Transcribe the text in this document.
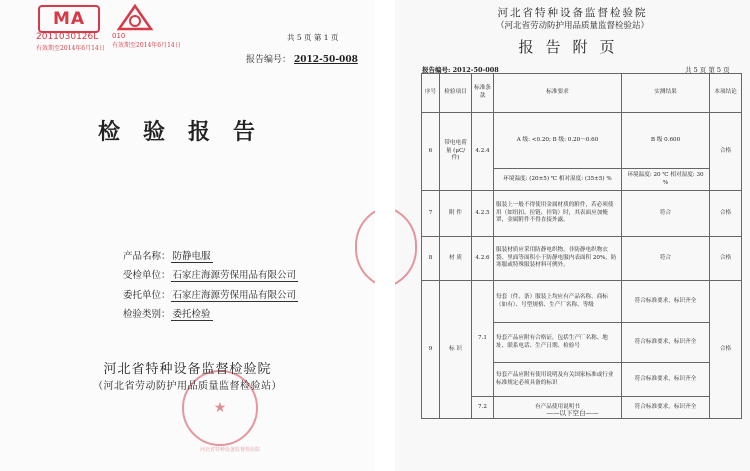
MA
2011030126L
有效期至2014年6月14日
010
有效期至2014年6月14日
共 5 页 第 1 页
报告编号： 2012-50-008
检验报告
产品名称： 防静电服
受检单位： 石家庄海源劳保用品有限公司
委托单位： 石家庄海源劳保用品有限公司
检验类别： 委托检验
★
河北省特种设备监督检验院
（河北省劳动防护用品质量监督检验站）
河北省特种设备监督检验院
河北省特种设备监督检验院
（河北省劳动防护用品质量监督检验站）
报告附页
报告编号: 2012-50-008	共 5 页 第 5 页
序号	检验项目	标准条款	标准要求	实测结果	本项结论
6	带电电荷量 (μC/件)	4.2.4	A 级: <0.20; B 级: 0.20～0.60	B 级 0.600	合格
			环境温度: (20±5) ℃ 相对湿度: (35±5) %	环境温度: 20 ℃ 相对湿度: 30 %	
7	附 件	4.2.5	服装上一般不得使用金属材质的附件，若必须使用（如纽扣、拉链、挂钩）时，其表面应加掩罩，金属附件不得直接外露。	符合	合格
8	材 质	4.2.6	服装材质应采用防静电织物，非防静电织物衣袋、里面等面积小于防静电服内表面积 20%，防寒服或特殊服装材料可例外。	符合	合格
9	标 识	7.1	每套（件、条）服装上均应有产品名称、商标（如有）、号型规格、生产厂名称、等级	符合标准要求，标识齐全	合格
			每套产品应附有合格证，包括生产厂名称、地址、联系电话、生产日期、检验号	符合标准要求，标识齐全	
			每套产品应附有使用说明及有关国家标准或行业标准规定必须具备的标识	符合标准要求，标识齐全	
		7.2	有产品使用说明书	符合标准要求，标识齐全	
——以下空白——
